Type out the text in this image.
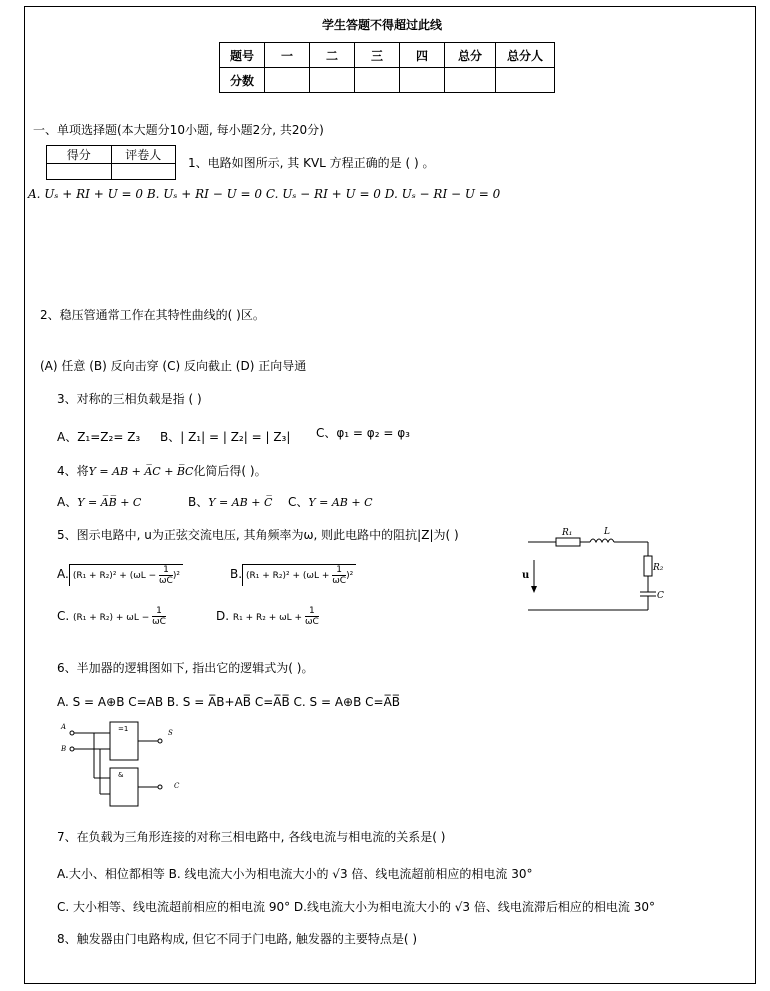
学生答题不得超过此线
题号	一	二	三	四	总分	总分人
分数						
一、单项选择题(本大题分10小题, 每小题2分, 共20分)
得分	评卷人

1、电路如图所示, 其 KVL 方程正确的是 ( ) 。
A. Uₛ + RI + U = 0 B. Uₛ + RI − U = 0 C. Uₛ − RI + U = 0 D. Uₛ − RI − U = 0
2、稳压管通常工作在其特性曲线的( )区。
(A) 任意 (B) 反向击穿 (C) 反向截止 (D) 正向导通
3、对称的三相负载是指 ( )
A、Z₁=Z₂= Z₃ B、| Z₁| = | Z₂| = | Z₃| C、φ₁ = φ₂ = φ₃
4、将Y = AB + A̅C + B̅C化简后得( )。
A、Y = A̅B̅ + C	B、Y = AB + C̅ C、Y = AB + C
5、图示电路中, u为正弦交流电压, 其角频率为ω, 则此电路中的阻抗|Z|为( )
A. $(R_1 + R_2)^2 + (\omega L - \frac{1}{\omega C} )^2$	B. $(R_1 + R_2)^2 + (\omega L + \frac{1}{\omega C} )^2$
C. $(R_1 + R_2) + \omega L - \frac{1}{\omega C}$	D. $R_1 + R_2 + \omega L + \frac{1}{\omega C}$
R₁	L
R₂
C
u
6、半加器的逻辑图如下, 指出它的逻辑式为( )。
A. S = A⊕B C=AB B. S = A̅B+AB̅ C=A̅B̅ C. S = A⊕B C=A̅B̅
A
B
=1	S
&
C
7、在负载为三角形连接的对称三相电路中, 各线电流与相电流的关系是( )
A.大小、相位都相等 B. 线电流大小为相电流大小的 √3 倍、线电流超前相应的相电流 30°
C. 大小相等、线电流超前相应的相电流 90° D.线电流大小为相电流大小的 √3 倍、线电流滞后相应的相电流 30°
8、触发器由门电路构成, 但它不同于门电路, 触发器的主要特点是( )
